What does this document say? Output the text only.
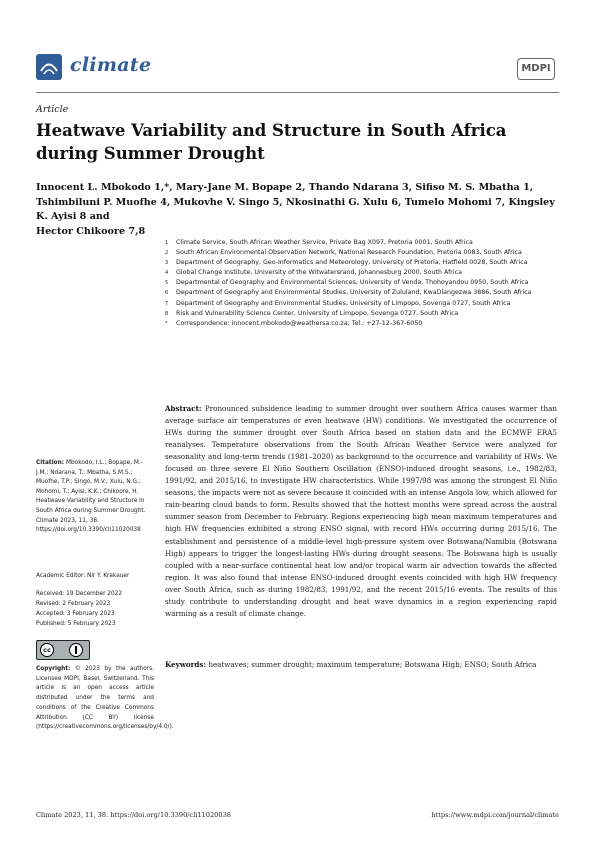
climate	MDPI
Article
Heatwave Variability and Structure in South Africa during Summer Drought
Innocent L. Mbokodo 1,*, Mary-Jane M. Bopape 2, Thando Ndarana 3, Sifiso M. S. Mbatha 1,
Tshimbiluni P. Muofhe 4, Mukovhe V. Singo 5, Nkosinathi G. Xulu 6, Tumelo Mohomi 7, Kingsley K. Ayisi 8 and
Hector Chikoore 7,8
1 Climate Service, South African Weather Service, Private Bag X097, Pretoria 0001, South Africa
2 South African Environmental Observation Network, National Research Foundation, Pretoria 0083, South Africa
3 Department of Geography, Geo-Informatics and Meteorology, University of Pretoria, Hatfield 0028, South Africa
4 Global Change Institute, University of the Witwatersrand, Johannesburg 2000, South Africa
5 Departmental of Geography and Environmental Sciences, University of Venda, Thohoyandou 0950, South Africa
6 Department of Geography and Environmental Studies, University of Zululand, KwaDlangezwa 3886, South Africa
7 Department of Geography and Environmental Studies, University of Limpopo, Sovenga 0727, South Africa
8 Risk and Vulnerability Science Center, University of Limpopo, Sovenga 0727, South Africa
* Correspondence: innocent.mbokodo@weathersa.co.za; Tel.: +27-12-367-6050
Abstract: Pronounced subsidence leading to summer drought over southern Africa causes warmer than average surface air temperatures or even heatwave (HW) conditions. We investigated the occurrence of HWs during the summer drought over South Africa based on station data and the ECMWF ERA5 reanalyses. Temperature observations from the South African Weather Service were analyzed for seasonality and long-term trends (1981–2020) as background to the occurrence and variability of HWs. We focused on three severe El Niño Southern Oscillation (ENSO)-induced drought seasons, i.e., 1982/83, 1991/92, and 2015/16, to investigate HW characteristics. While 1997/98 was among the strongest El Niño seasons, the impacts were not as severe because it coincided with an intense Angola low, which allowed for rain-bearing cloud bands to form. Results showed that the hottest months were spread across the austral summer season from December to February. Regions experiencing high mean maximum temperatures and high HW frequencies exhibited a strong ENSO signal, with record HWs occurring during 2015/16. The establishment and persistence of a middle-level high-pressure system over Botswana/Namibia (Botswana High) appears to trigger the longest-lasting HWs during drought seasons. The Botswana high is usually coupled with a near-surface continental heat low and/or tropical warm air advection towards the affected region. It was also found that intense ENSO-induced drought events coincided with high HW frequency over South Africa, such as during 1982/83, 1991/92, and the recent 2015/16 events. The results of this study contribute to understanding drought and heat wave dynamics in a region experiencing rapid warming as a result of climate change.
Keywords: heatwaves; summer drought; maximum temperature; Botswana High; ENSO; South Africa
Citation: Mbokodo, I.L.; Bopape, M.-J.M.; Ndarana, T.; Mbatha, S.M.S.; Muofhe, T.P.; Singo, M.V.; Xulu, N.G.; Mohomi, T.; Ayisi, K.K.; Chikoore, H. Heatwave Variability and Structure in South Africa during Summer Drought. Climate 2023, 11, 38. https://doi.org/10.3390/cli11020038
Academic Editor: Nir Y. Krakauer
Received: 19 December 2022
Revised: 2 February 2023
Accepted: 3 February 2023
Published: 5 February 2023
cc
Copyright: © 2023 by the authors. Licensee MDPI, Basel, Switzerland. This article is an open access article distributed under the terms and conditions of the Creative Commons Attribution (CC BY) license (https://creativecommons.org/licenses/by/4.0/).
Climate 2023, 11, 38. https://doi.org/10.3390/cli11020038	https://www.mdpi.com/journal/climate
